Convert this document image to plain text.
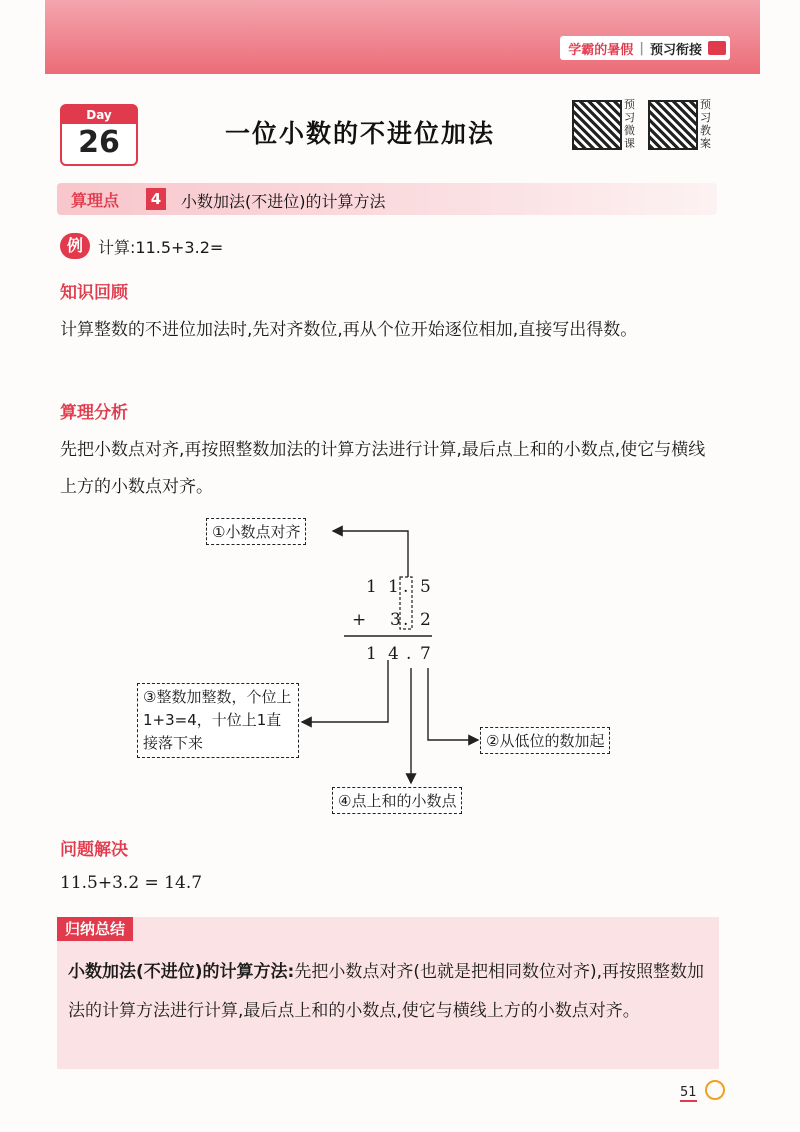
学霸的暑假 | 预习衔接
Day
26	一位小数的不进位加法
预习微课
预习教案
算理点	4 小数加法(不进位)的计算方法
例 计算:11.5+3.2=
知识回顾
计算整数的不进位加法时,先对齐数位,再从个位开始逐位相加,直接写出得数。
算理分析
先把小数点对齐,再按照整数加法的计算方法进行计算,最后点上和的小数点,使它与横线上方的小数点对齐。
①小数点对齐
1 1 . 5
+ 3 . 2
1 4 . 7
③整数加整数，个位上1+3=4，十位上1直接落下来	②从低位的数加起
④点上和的小数点
问题解决
11.5+3.2 = 14.7
归纳总结
小数加法(不进位)的计算方法:先把小数点对齐(也就是把相同数位对齐),再按照整数加法的计算方法进行计算,最后点上和的小数点,使它与横线上方的小数点对齐。
51
